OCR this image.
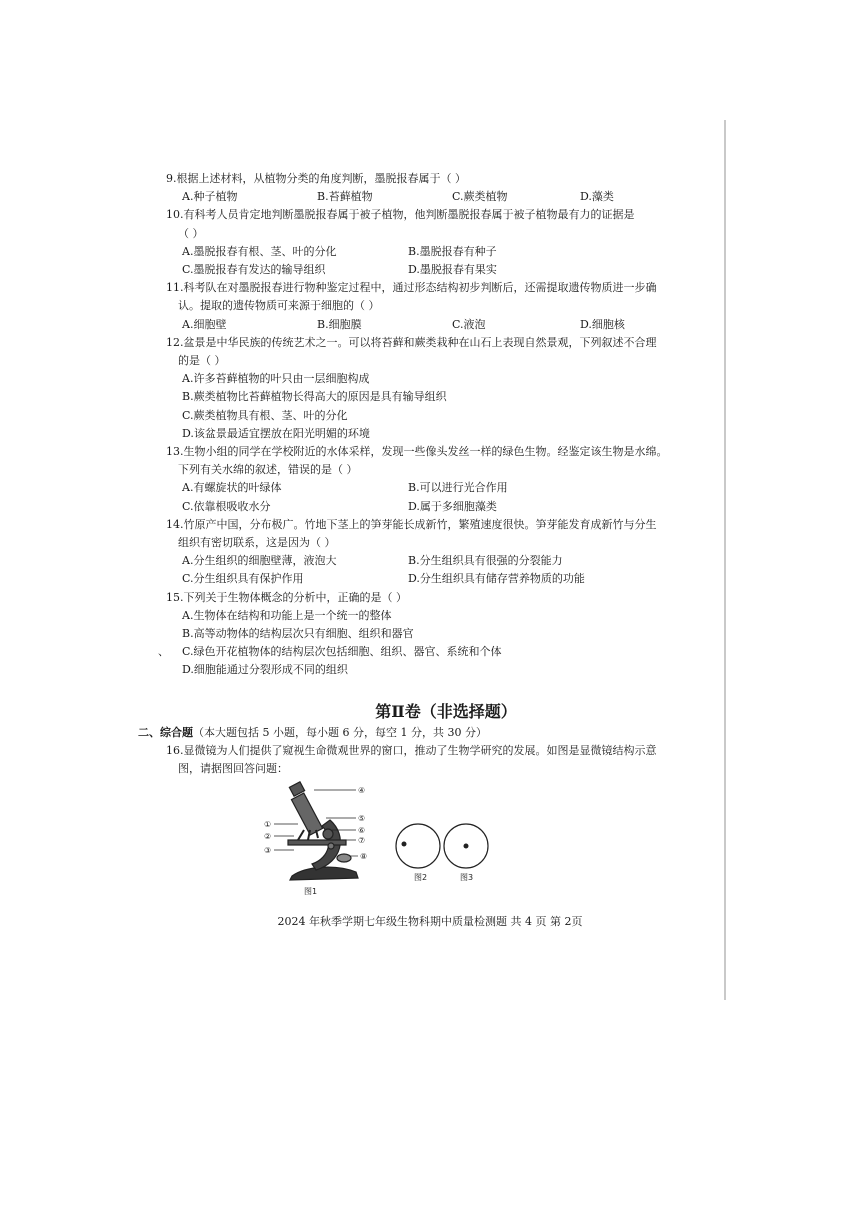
9.根据上述材料，从植物分类的角度判断，墨脱报春属于（ ）
A.种子植物	B.苔藓植物	C.蕨类植物	D.藻类
10.有科考人员肯定地判断墨脱报春属于被子植物，他判断墨脱报春属于被子植物最有力的证据是
（ ）
A.墨脱报春有根、茎、叶的分化	B.墨脱报春有种子
C.墨脱报春有发达的输导组织	D.墨脱报春有果实
11.科考队在对墨脱报春进行物种鉴定过程中，通过形态结构初步判断后，还需提取遗传物质进一步确
认。提取的遗传物质可来源于细胞的（ ）
A.细胞壁	B.细胞膜	C.液泡	D.细胞核
12.盆景是中华民族的传统艺术之一。可以将苔藓和蕨类栽种在山石上表现自然景观，下列叙述不合理
的是（ ）
A.许多苔藓植物的叶只由一层细胞构成
B.蕨类植物比苔藓植物长得高大的原因是具有输导组织
C.蕨类植物具有根、茎、叶的分化
D.该盆景最适宜摆放在阳光明媚的环境
13.生物小组的同学在学校附近的水体采样，发现一些像头发丝一样的绿色生物。经鉴定该生物是水绵。
下列有关水绵的叙述，错误的是（ ）
A.有螺旋状的叶绿体	B.可以进行光合作用
C.依靠根吸收水分	D.属于多细胞藻类
14.竹原产中国，分布极广。竹地下茎上的笋芽能长成新竹，繁殖速度很快。笋芽能发育成新竹与分生
组织有密切联系，这是因为（ ）
A.分生组织的细胞壁薄，液泡大	B.分生组织具有很强的分裂能力
C.分生组织具有保护作用	D.分生组织具有储存营养物质的功能
15.下列关于生物体概念的分析中，正确的是（ ）
A.生物体在结构和功能上是一个统一的整体
B.高等动物体的结构层次只有细胞、组织和器官
C.绿色开花植物体的结构层次包括细胞、组织、器官、系统和个体
D.细胞能通过分裂形成不同的组织
第Ⅱ卷（非选择题）
二、综合题（本大题包括 5 小题，每小题 6 分，每空 1 分，共 30 分）
16.显微镜为人们提供了窥视生命微观世界的窗口，推动了生物学研究的发展。如图是显微镜结构示意
图，请据图回答问题：
④
⑤
⑥
⑦
⑧
①
②
③
图1
图2	图3
、
2024 年秋季学期七年级生物科期中质量检测题 共 4 页 第 2页
